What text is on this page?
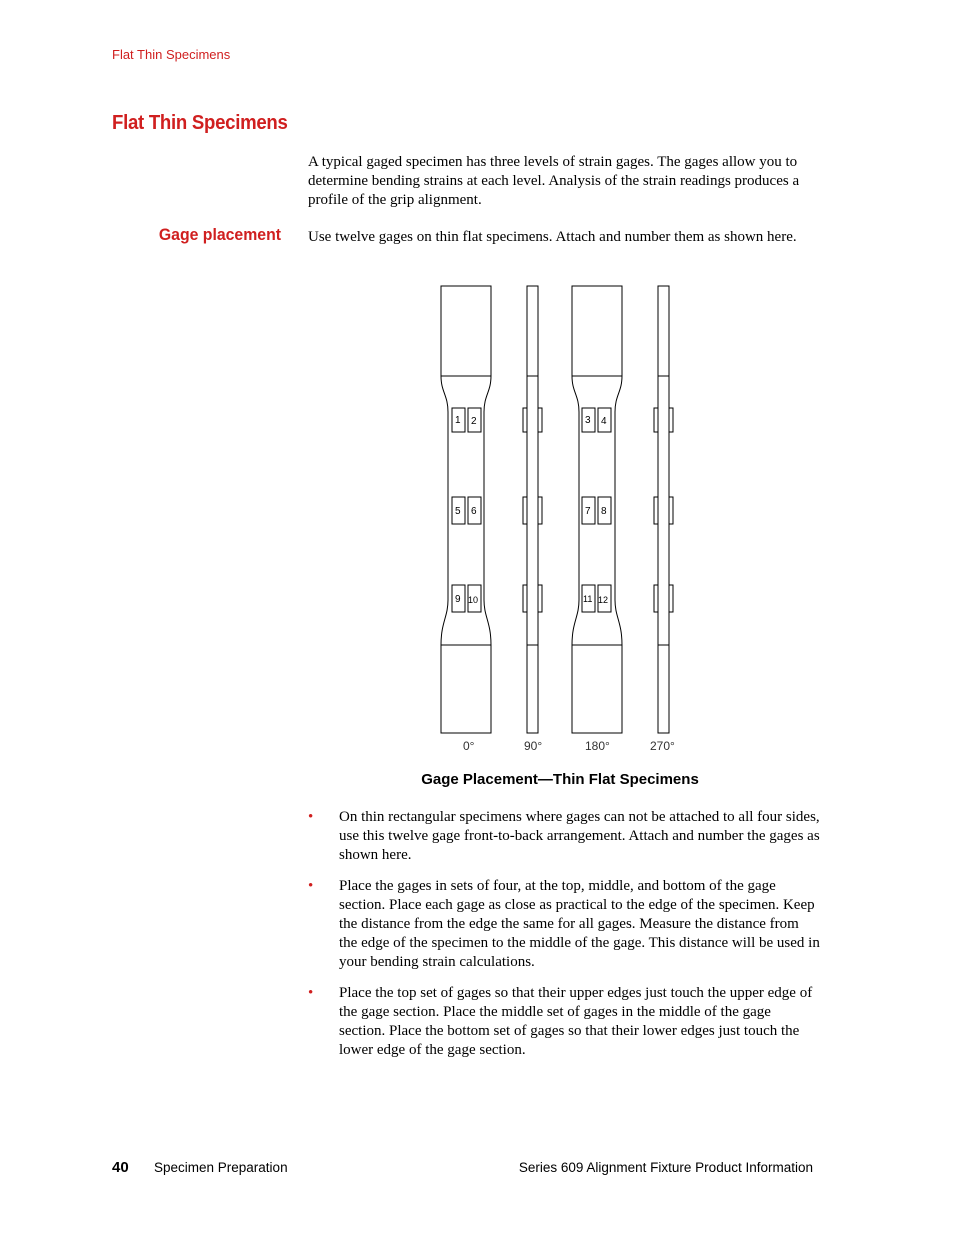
Flat Thin Specimens
Flat Thin Specimens

A typical gaged specimen has three levels of strain gages. The gages allow you to determine bending strains at each level. Analysis of the strain readings produces a profile of the grip alignment.

Gage placement Use twelve gages on thin flat specimens. Attach and number them as shown here.

1 2
5 6
9 10
3 4
7 8
11 12
0°	90°	180°	270°

Gage Placement—Thin Flat Specimens

• On thin rectangular specimens where gages can not be attached to all four sides, use this twelve gage front-to-back arrangement. Attach and number the gages as shown here.
• Place the gages in sets of four, at the top, middle, and bottom of the gage section. Place each gage as close as practical to the edge of the specimen. Keep the distance from the edge the same for all gages. Measure the distance from the edge of the specimen to the middle of the gage. This distance will be used in your bending strain calculations.
• Place the top set of gages so that their upper edges just touch the upper edge of the gage section. Place the middle set of gages in the middle of the gage section. Place the bottom set of gages so that their lower edges just touch the lower edge of the gage section.
40 Specimen Preparation	Series 609 Alignment Fixture Product Information
